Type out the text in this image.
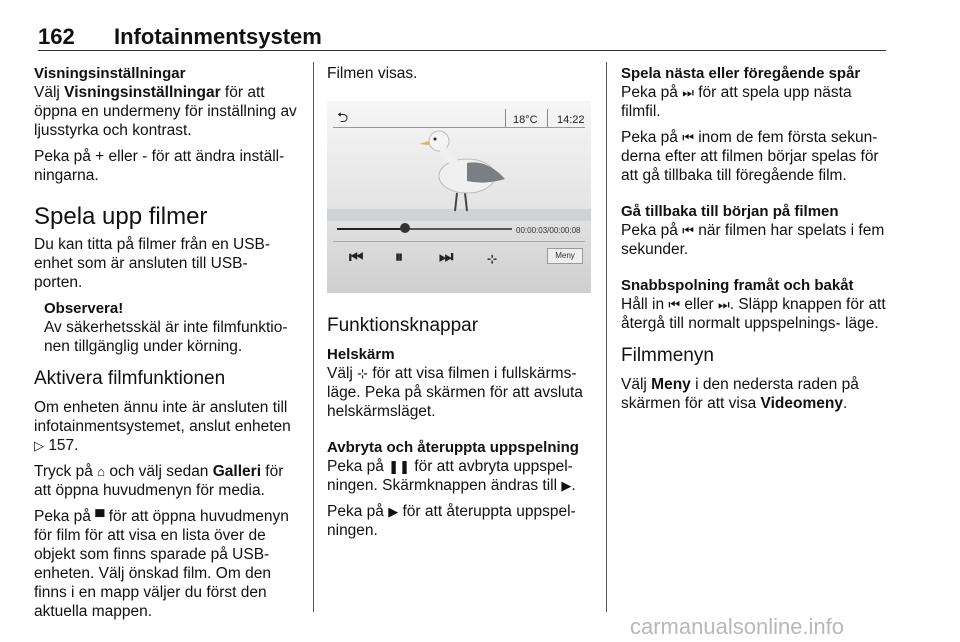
162 Infotainmentsystem
Visningsinställningar

Välj Visningsinställningar för att öppna en undermeny för inställning av ljusstyrka och kontrast.

Peka på + eller - för att ändra inställ- ningarna.

Spela upp filmer

Du kan titta på filmer från en USB- enhet som är ansluten till USB- porten.

Observera!
Av säkerhetsskäl är inte filmfunktio- nen tillgänglig under körning.
Aktivera filmfunktionen

Om enheten ännu inte är ansluten till infotainmentsystemet, anslut enheten ▷ 157.

Tryck på ⌂ och välj sedan Galleri för att öppna huvudmenyn för media.

Peka på ▀ för att öppna huvudmenyn för film för att visa en lista över de objekt som finns sparade på USB- enheten. Välj önskad film. Om den finns i en mapp väljer du först den aktuella mappen.

Filmen visas.

⮌	18°C 14:22
00:00:03/00:00:08
⏮ ⏸ ⏭	⊹	Meny
Funktionsknappar
Helskärm

Välj ⊹ för att visa filmen i fullskärms- läge. Peka på skärmen för att avsluta helskärmsläget.

Avbryta och återuppta uppspelning

Peka på ❚❚ för att avbryta uppspel- ningen. Skärmknappen ändras till ▶.

Peka på ▶ för att återuppta uppspel- ningen.

Spela nästa eller föregående spår

Peka på ⏭ för att spela upp nästa filmfil.

Peka på ⏮ inom de fem första sekun- derna efter att filmen börjar spelas för att gå tillbaka till föregående film.

Gå tillbaka till början på filmen

Peka på ⏮ när filmen har spelats i fem sekunder.

Snabbspolning framåt och bakåt

Håll in ⏮ eller ⏭. Släpp knappen för att återgå till normalt uppspelnings- läge.

Filmmenyn

Välj Meny i den nedersta raden på skärmen för att visa Videomeny.

carmanualsonline.info
